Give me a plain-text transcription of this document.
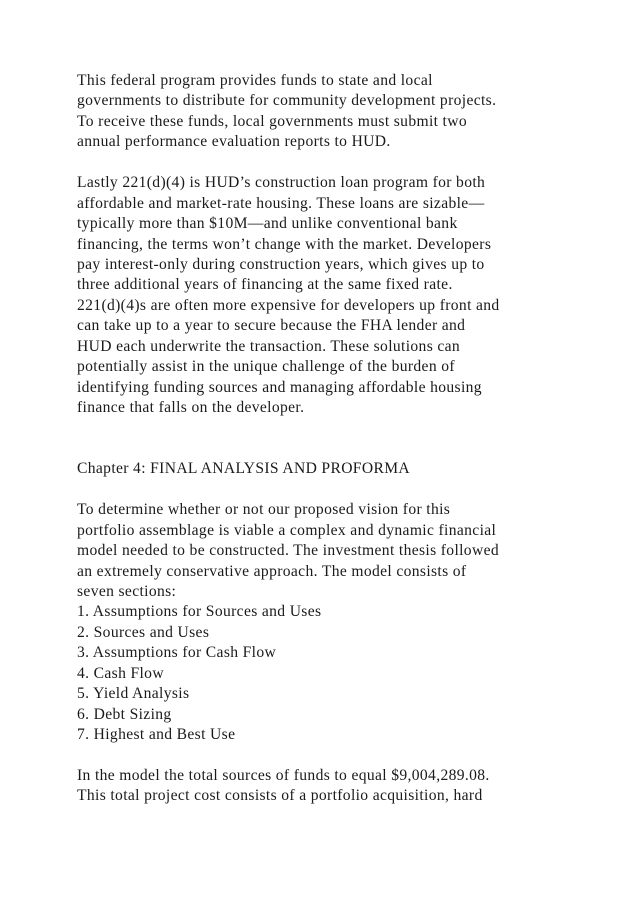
This federal program provides funds to state and local
governments to distribute for community development projects.
To receive these funds, local governments must submit two
annual performance evaluation reports to HUD.
Lastly 221(d)(4) is HUD’s construction loan program for both
affordable and market-rate housing. These loans are sizable—
typically more than $10M—and unlike conventional bank
financing, the terms won’t change with the market. Developers
pay interest-only during construction years, which gives up to
three additional years of financing at the same fixed rate.
221(d)(4)s are often more expensive for developers up front and
can take up to a year to secure because the FHA lender and
HUD each underwrite the transaction. These solutions can
potentially assist in the unique challenge of the burden of
identifying funding sources and managing affordable housing
finance that falls on the developer.
Chapter 4: FINAL ANALYSIS AND PROFORMA
To determine whether or not our proposed vision for this
portfolio assemblage is viable a complex and dynamic financial
model needed to be constructed. The investment thesis followed
an extremely conservative approach. The model consists of
seven sections:
1. Assumptions for Sources and Uses
2. Sources and Uses
3. Assumptions for Cash Flow
4. Cash Flow
5. Yield Analysis
6. Debt Sizing
7. Highest and Best Use
In the model the total sources of funds to equal $9,004,289.08.
This total project cost consists of a portfolio acquisition, hard
